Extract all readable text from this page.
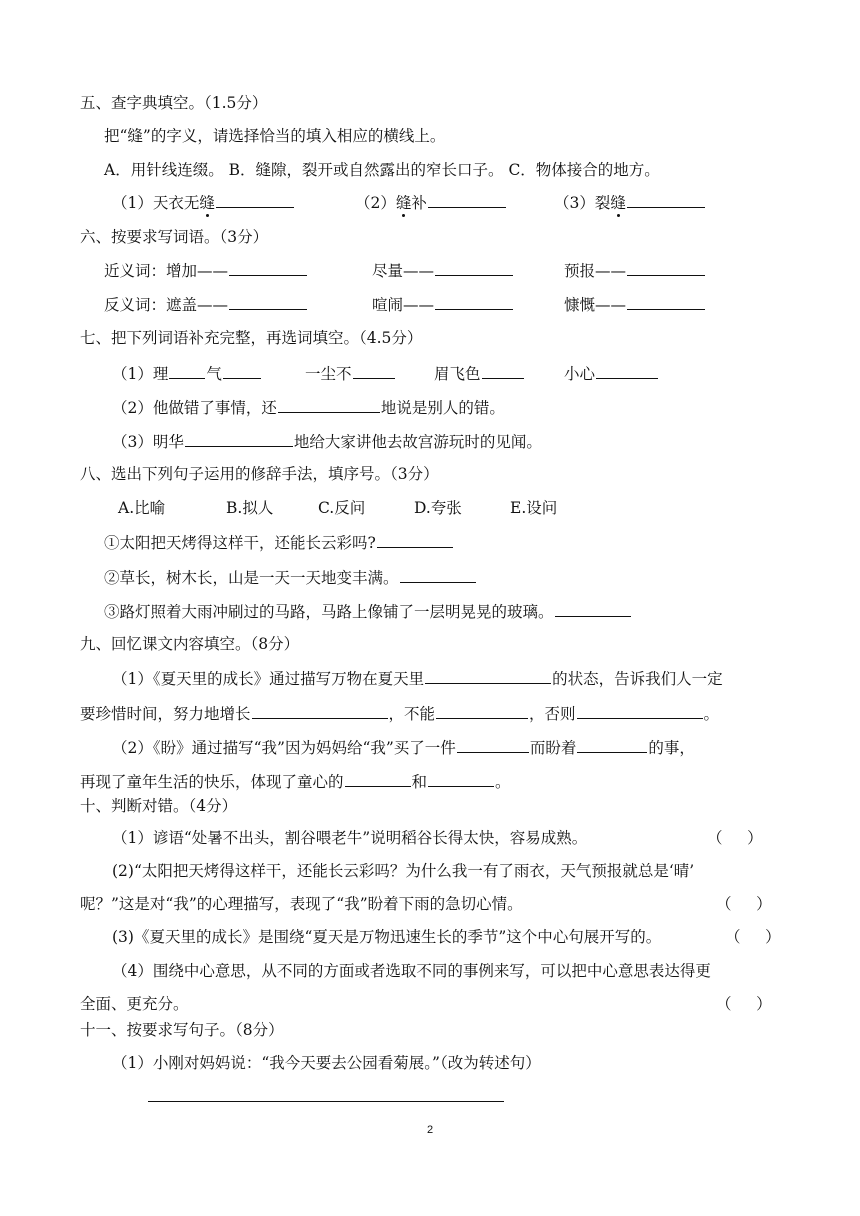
五、查字典填空。（1.5分）
把“缝”的字义，请选择恰当的填入相应的横线上。
A．用针线连缀。 B．缝隙，裂开或自然露出的窄长口子。 C．物体接合的地方。
（1）天衣无缝	（2）缝补	（3）裂缝
六、按要求写词语。（3分）
近义词：增加——	尽量——	预报——
反义词：遮盖——	喧闹——	慷慨——
七、把下列词语补充完整，再选词填空。（4.5分）
（1）理 气	一尘不	眉飞色	小心
（2）他做错了事情，还	地说是别人的错。
（3）明华	地给大家讲他去故宫游玩时的见闻。
八、选出下列句子运用的修辞手法，填序号。（3分）
A.比喻	B.拟人	C.反问	D.夸张	E.设问
①太阳把天烤得这样干，还能长云彩吗?
②草长，树木长，山是一天一天地变丰满。
③路灯照着大雨冲刷过的马路，马路上像铺了一层明晃晃的玻璃。
九、回忆课文内容填空。（8分）
（1）《夏天里的成长》通过描写万物在夏天里	的状态，告诉我们人一定
要珍惜时间，努力地增长	，不能	，否则	。
（2）《盼》通过描写“我”因为妈妈给“我”买了一件	而盼着	的事，
再现了童年生活的快乐，体现了童心的	和	。
十、判断对错。（4分）
（1）谚语“处暑不出头，割谷喂老牛”说明稻谷长得太快，容易成熟。	（     ）
(2)“太阳把天烤得这样干，还能长云彩吗？为什么我一有了雨衣，天气预报就总是‘晴’
呢？”这是对“我”的心理描写，表现了“我”盼着下雨的急切心情。	（     ）
(3)《夏天里的成长》是围绕“夏天是万物迅速生长的季节”这个中心句展开写的。	（     ）
（4）围绕中心意思，从不同的方面或者选取不同的事例来写，可以把中心意思表达得更
全面、更充分。	（     ）
十一、按要求写句子。（8分）
（1）小刚对妈妈说：“我今天要去公园看菊展。”（改为转述句）
2
